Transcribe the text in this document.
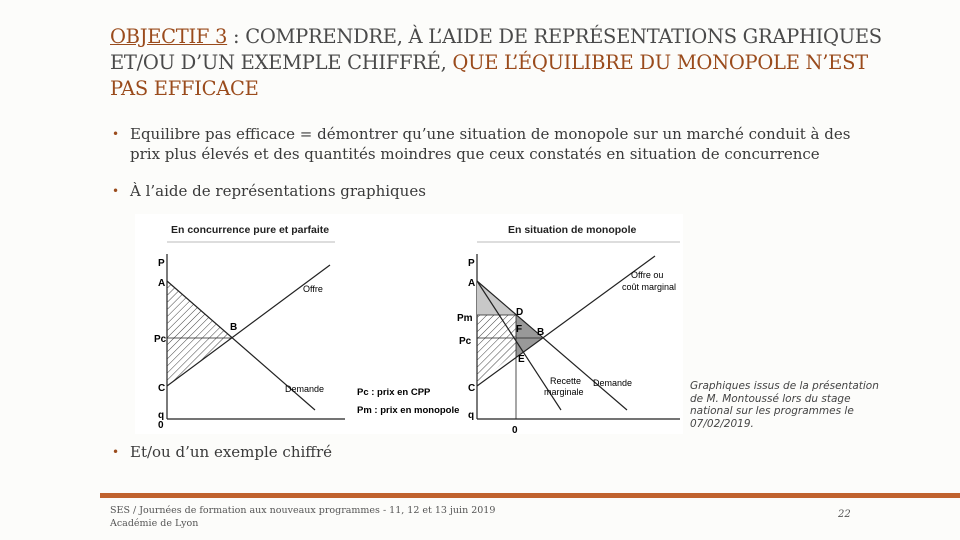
OBJECTIF 3 : COMPRENDRE, À L’AIDE DE REPRÉSENTATIONS GRAPHIQUES ET/OU D’UN EXEMPLE CHIFFRÉ, QUE L’ÉQUILIBRE DU MONOPOLE N’EST PAS EFFICACE
• Equilibre pas efficace = démontrer qu’une situation de monopole sur un marché conduit à des prix plus élevés et des quantités moindres que ceux constatés en situation de concurrence
• À l’aide de représentations graphiques
En concurrence pure et parfaite
P
A
Pc
C
q
0
B
Offre
Demande	Pc : prix en CPP
Pm : prix en monopole
En situation de monopole
P
A
Pm
Pc
C
q
0
D
F B
E
Offre ou
coût marginal
Recette
marginale
Demande	Graphiques issus de la présentation de M. Montoussé lors du stage national sur les programmes le 07/02/2019.
• Et/ou d’un exemple chiffré
SES / Journées de formation aux nouveaux programmes - 11, 12 et 13 juin 2019
Académie de Lyon
22
